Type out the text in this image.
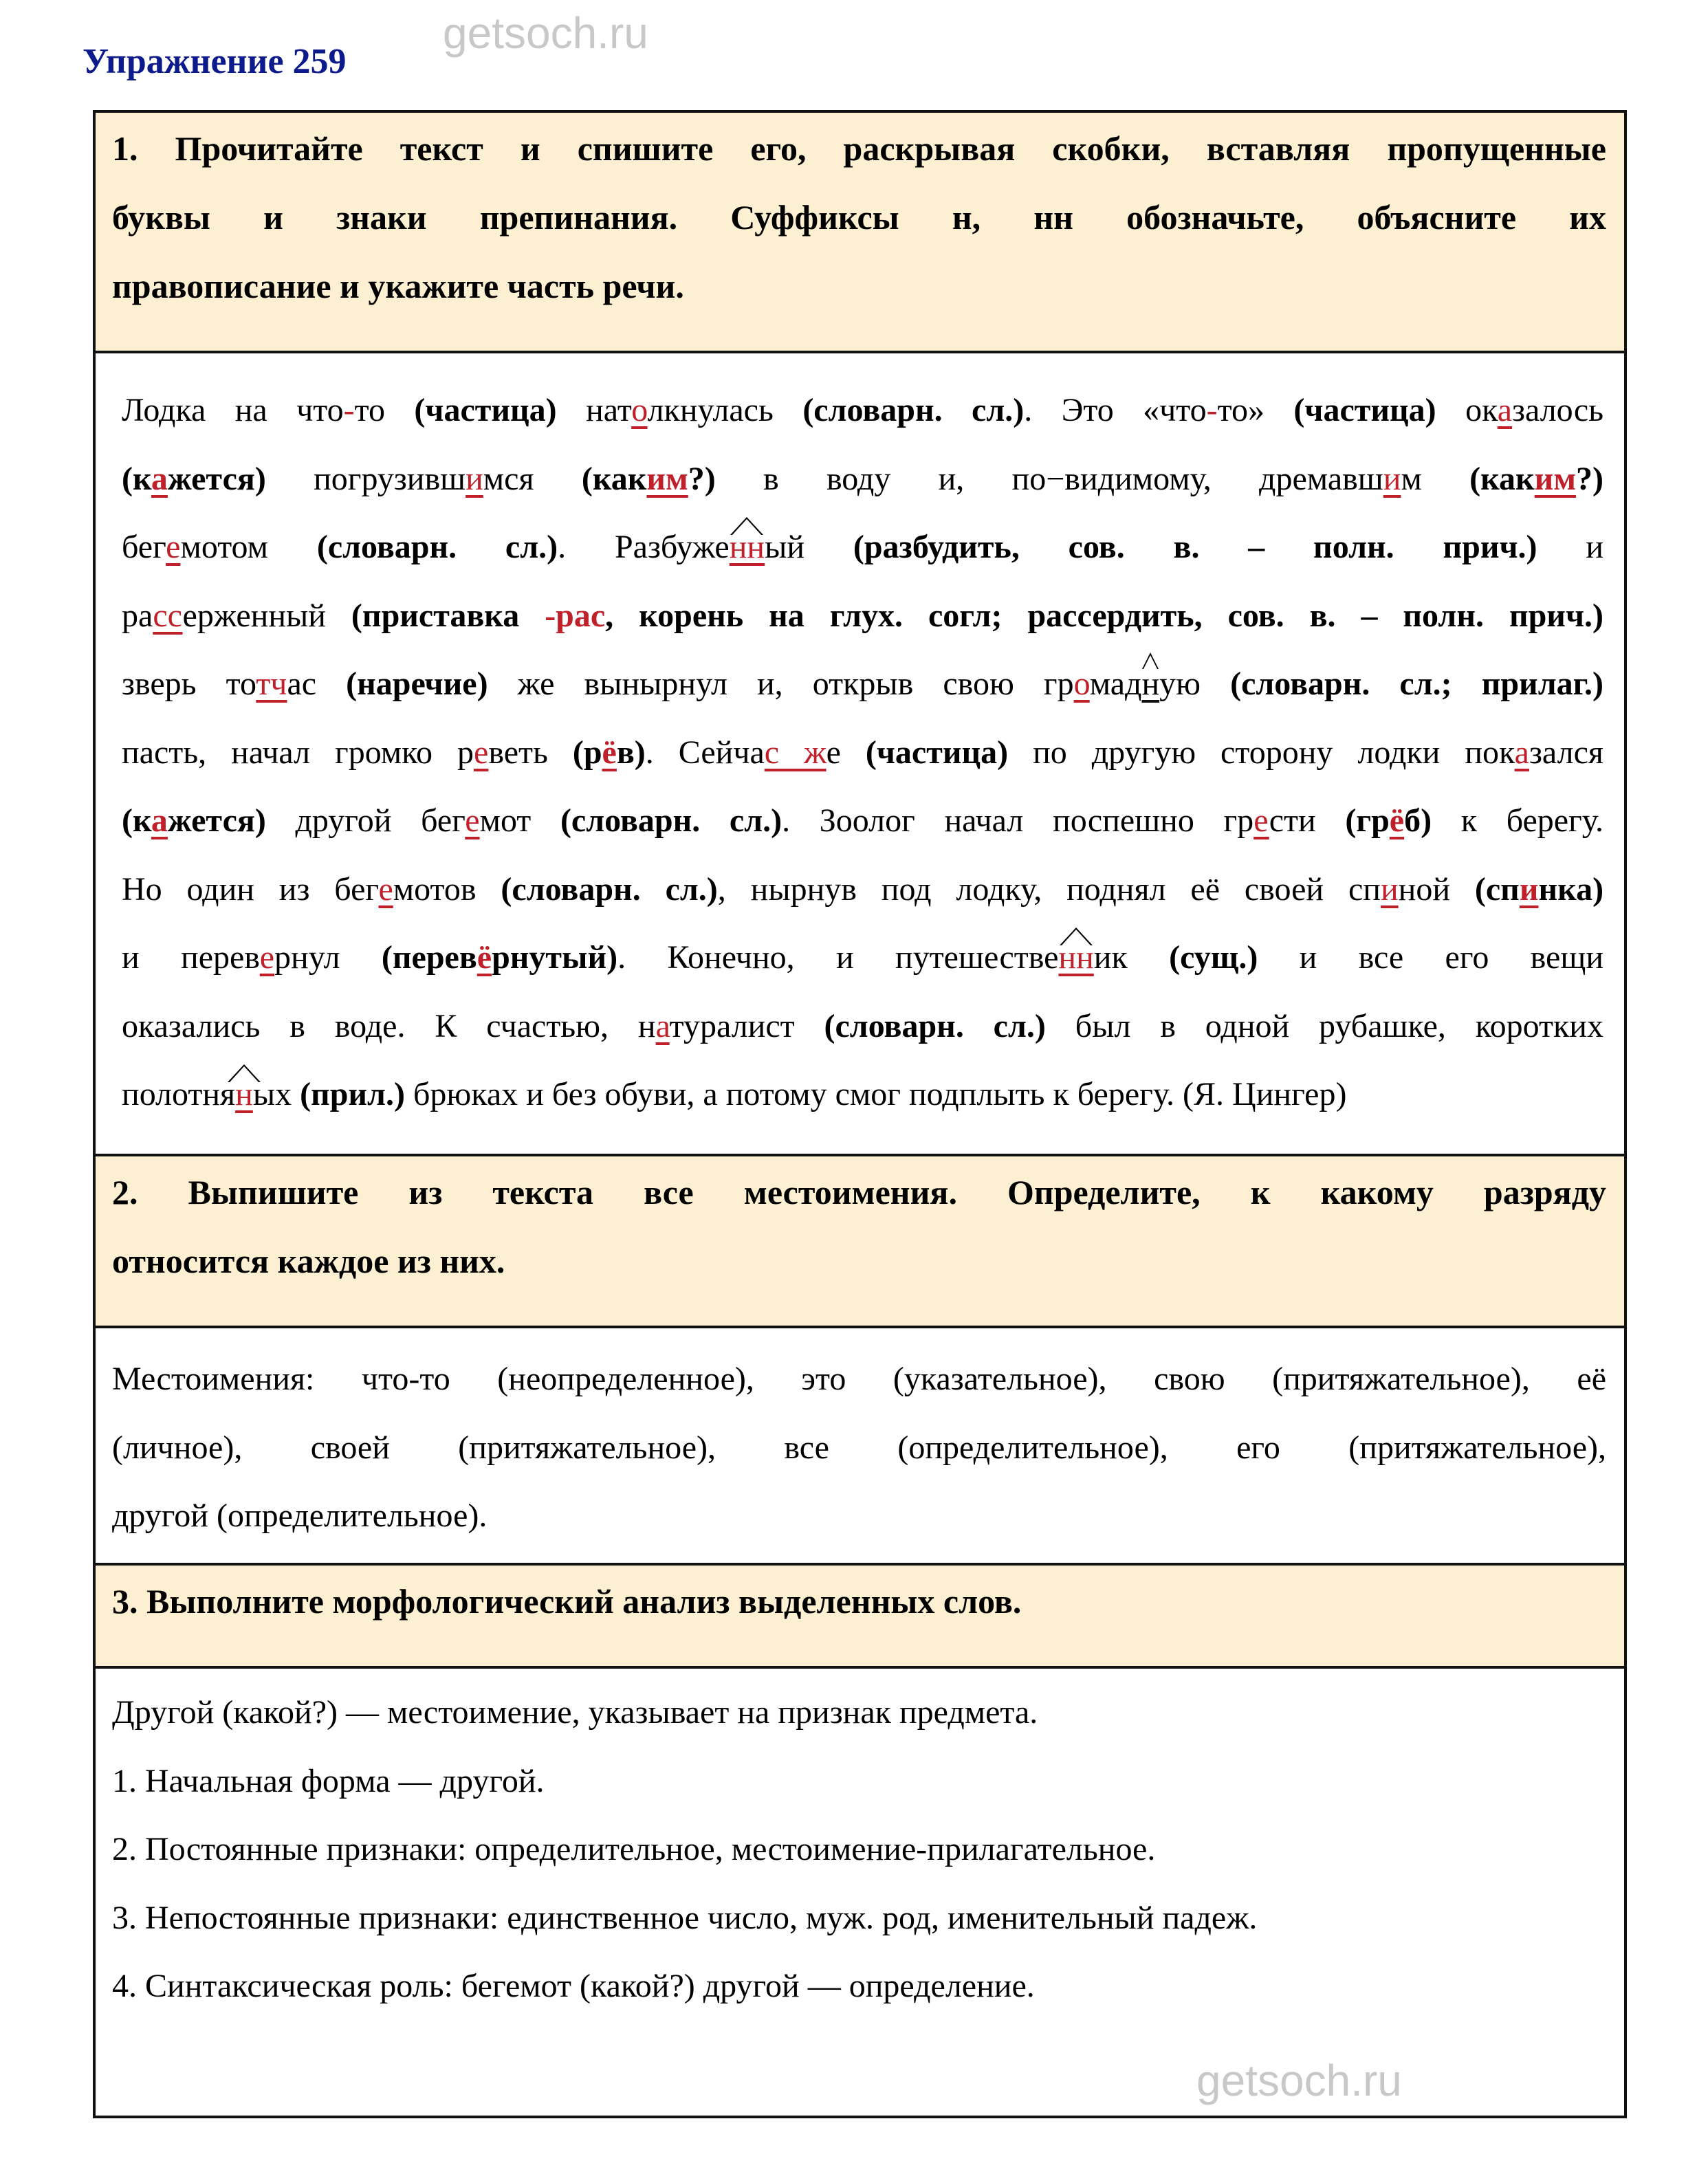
Упражнение 259
1. Прочитайте текст и спишите его, раскрывая скобки, вставляя пропущенные
буквы и знаки препинания. Суффиксы н, нн обозначьте, объясните их
правописание и укажите часть речи.
Лодка на что-то (частица) натолкнулась (словарн. сл.). Это «что-то» (частица) оказалось
(кажется) погрузившимся (каким?) в воду и, по−видимому, дремавшим (каким?)
бегемотом (словарн. сл.). Разбуженный (разбудить, сов. в. – полн. прич.) и
рассерженный (приставка -рас, корень на глух. согл; рассердить, сов. в. – полн. прич.)
зверь тотчас (наречие) же вынырнул и, открыв свою громадную (словарн. сл.; прилаг.)
пасть, начал громко реветь (рёв). Сейчас же (частица) по другую сторону лодки показался
(кажется) другой бегемот (словарн. сл.). Зоолог начал поспешно грести (грёб) к берегу.
Но один из бегемотов (словарн. сл.), нырнув под лодку, поднял её своей спиной (спинка)
и перевернул (перевёрнутый). Конечно, и путешественник (сущ.) и все его вещи
оказались в воде. К счастью, натуралист (словарн. сл.) был в одной рубашке, коротких
полотняных (прил.) брюках и без обуви, а потому смог подплыть к берегу. (Я. Цингер)
2. Выпишите из текста все местоимения. Определите, к какому разряду
относится каждое из них.
Местоимения: что-то (неопределенное), это (указательное), свою (притяжательное), её
(личное), своей (притяжательное), все (определительное), его (притяжательное),
другой (определительное).
3. Выполните морфологический анализ выделенных слов.
Другой (какой?) — местоимение, указывает на признак предмета.
1. Начальная форма — другой.
2. Постоянные признаки: определительное, местоимение-прилагательное.
3. Непостоянные признаки: единственное число, муж. род, именительный падеж.
4. Синтаксическая роль: бегемот (какой?) другой — определение.
getsoch.ru
getsoch.ru
